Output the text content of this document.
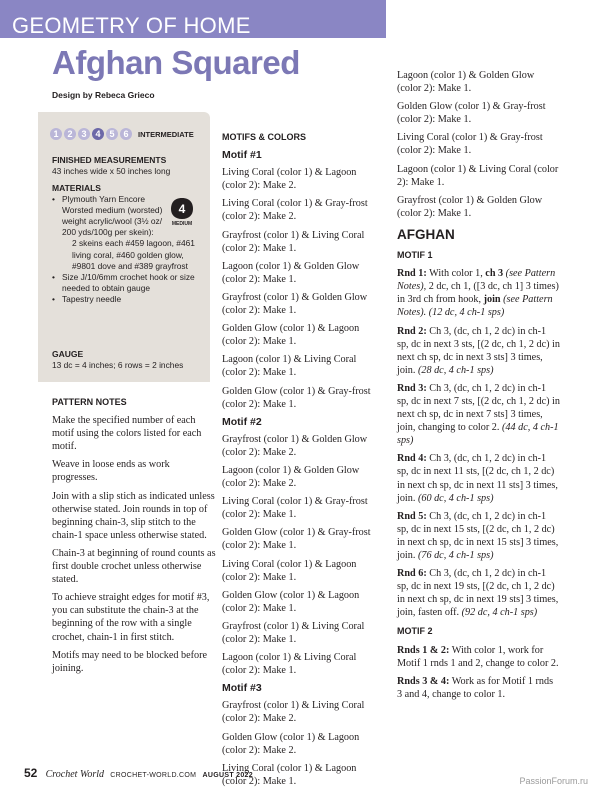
GEOMETRY OF HOME
Afghan Squared
Design by Rebeca Grieco
1 2 3 4 5 6	INTERMEDIATE
FINISHED MEASUREMENTS
43 inches wide x 50 inches long
MATERIALS
• Plymouth Yarn Encore Worsted medium (worsted) weight acrylic/wool (3½ oz/ 200 yds/100g per skein):
2 skeins each #459 lagoon, #461 living coral, #460 golden glow, #9801 dove and #389 grayfrost
• Size J/10/6mm crochet hook or size needed to obtain gauge
• Tapestry needle
4
MEDIUM
GAUGE
13 dc = 4 inches; 6 rows = 2 inches
PATTERN NOTES

Make the specified number of each motif using the colors listed for each motif.

Weave in loose ends as work progresses.

Join with a slip stich as indicated unless otherwise stated. Join rounds in top of beginning chain-3, slip stitch to the chain-1 space unless otherwise stated.

Chain-3 at beginning of round counts as first double crochet unless otherwise stated.

To achieve straight edges for motif #3, you can substitute the chain-3 at the beginning of the row with a single crochet, chain-1 in first stitch.

Motifs may need to be blocked before joining.

MOTIFS & COLORS
Motif #1

Living Coral (color 1) & Lagoon (color 2): Make 2.

Living Coral (color 1) & Gray-frost (color 2): Make 2.

Grayfrost (color 1) & Living Coral (color 2): Make 1.

Lagoon (color 1) & Golden Glow (color 2): Make 1.

Grayfrost (color 1) & Golden Glow (color 2): Make 1.

Golden Glow (color 1) & Lagoon (color 2): Make 1.

Lagoon (color 1) & Living Coral (color 2): Make 1.

Golden Glow (color 1) & Gray-frost (color 2): Make 1.

Motif #2

Grayfrost (color 1) & Golden Glow (color 2): Make 2.

Lagoon (color 1) & Golden Glow (color 2): Make 2.

Living Coral (color 1) & Gray-frost (color 2): Make 1.

Golden Glow (color 1) & Gray-frost (color 2): Make 1.

Living Coral (color 1) & Lagoon (color 2): Make 1.

Golden Glow (color 1) & Lagoon (color 2): Make 1.

Grayfrost (color 1) & Living Coral (color 2): Make 1.

Lagoon (color 1) & Living Coral (color 2): Make 1.

Motif #3

Grayfrost (color 1) & Living Coral (color 2): Make 2.

Golden Glow (color 1) & Lagoon (color 2): Make 2.

Living Coral (color 1) & Lagoon (color 2): Make 1.

Lagoon (color 1) & Golden Glow (color 2): Make 1.

Golden Glow (color 1) & Gray-frost (color 2): Make 1.

Living Coral (color 1) & Gray-frost (color 2): Make 1.

Lagoon (color 1) & Living Coral (color 2): Make 1.

Grayfrost (color 1) & Golden Glow (color 2): Make 1.

AFGHAN
MOTIF 1

Rnd 1: With color 1, ch 3 (see Pattern Notes), 2 dc, ch 1, ([3 dc, ch 1] 3 times) in 3rd ch from hook, join (see Pattern Notes). (12 dc, 4 ch-1 sps)

Rnd 2: Ch 3, (dc, ch 1, 2 dc) in ch-1 sp, dc in next 3 sts, [(2 dc, ch 1, 2 dc) in next ch sp, dc in next 3 sts] 3 times, join. (28 dc, 4 ch-1 sps)

Rnd 3: Ch 3, (dc, ch 1, 2 dc) in ch-1 sp, dc in next 7 sts, [(2 dc, ch 1, 2 dc) in next ch sp, dc in next 7 sts] 3 times, join, changing to color 2. (44 dc, 4 ch-1 sps)

Rnd 4: Ch 3, (dc, ch 1, 2 dc) in ch-1 sp, dc in next 11 sts, [(2 dc, ch 1, 2 dc) in next ch sp, dc in next 11 sts] 3 times, join. (60 dc, 4 ch-1 sps)

Rnd 5: Ch 3, (dc, ch 1, 2 dc) in ch-1 sp, dc in next 15 sts, [(2 dc, ch 1, 2 dc) in next ch sp, dc in next 15 sts] 3 times, join. (76 dc, 4 ch-1 sps)

Rnd 6: Ch 3, (dc, ch 1, 2 dc) in ch-1 sp, dc in next 19 sts, [(2 dc, ch 1, 2 dc) in next ch sp, dc in next 19 sts] 3 times, join, fasten off. (92 dc, 4 ch-1 sps)

MOTIF 2

Rnds 1 & 2: With color 1, work for Motif 1 rnds 1 and 2, change to color 2.

Rnds 3 & 4: Work as for Motif 1 rnds 3 and 4, change to color 1.

52 Crochet World CROCHET-WORLD.COM AUGUST 2022
PassionForum.ru
